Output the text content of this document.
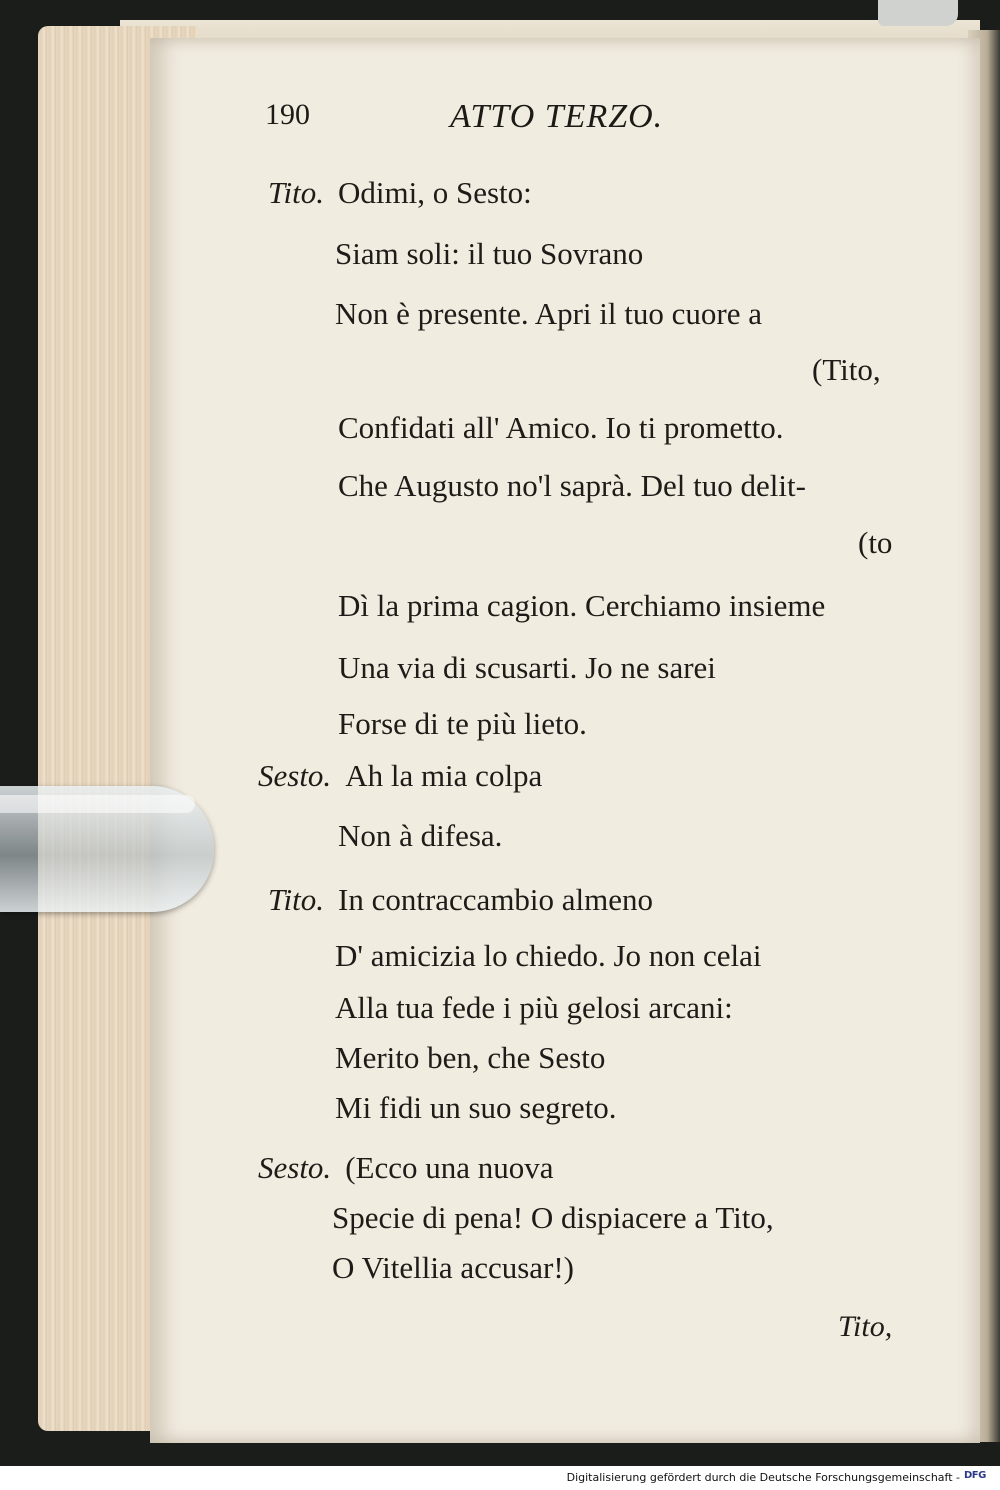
190	ATTO TERZO.
Tito. Odimi, o Sesto:
Siam soli: il tuo Sovrano
Non è presente. Apri il tuo cuore a
(Tito,
Confidati all' Amico. Io ti prometto.
Che Augusto no'l saprà. Del tuo delit-
(to
Dì la prima cagion. Cerchiamo insieme
Una via di scusarti. Jo ne sarei
Forse di te più lieto.
Sesto. Ah la mia colpa
Non à difesa.
Tito. In contraccambio almeno
D' amicizia lo chiedo. Jo non celai
Alla tua fede i più gelosi arcani:
Merito ben, che Sesto
Mi fidi un suo segreto.
Sesto. (Ecco una nuova
Specie di pena! O dispiacere a Tito,
O Vitellia accusar!)
Tito,
Digitalisierung gefördert durch die Deutsche Forschungsgemeinschaft - DFG
